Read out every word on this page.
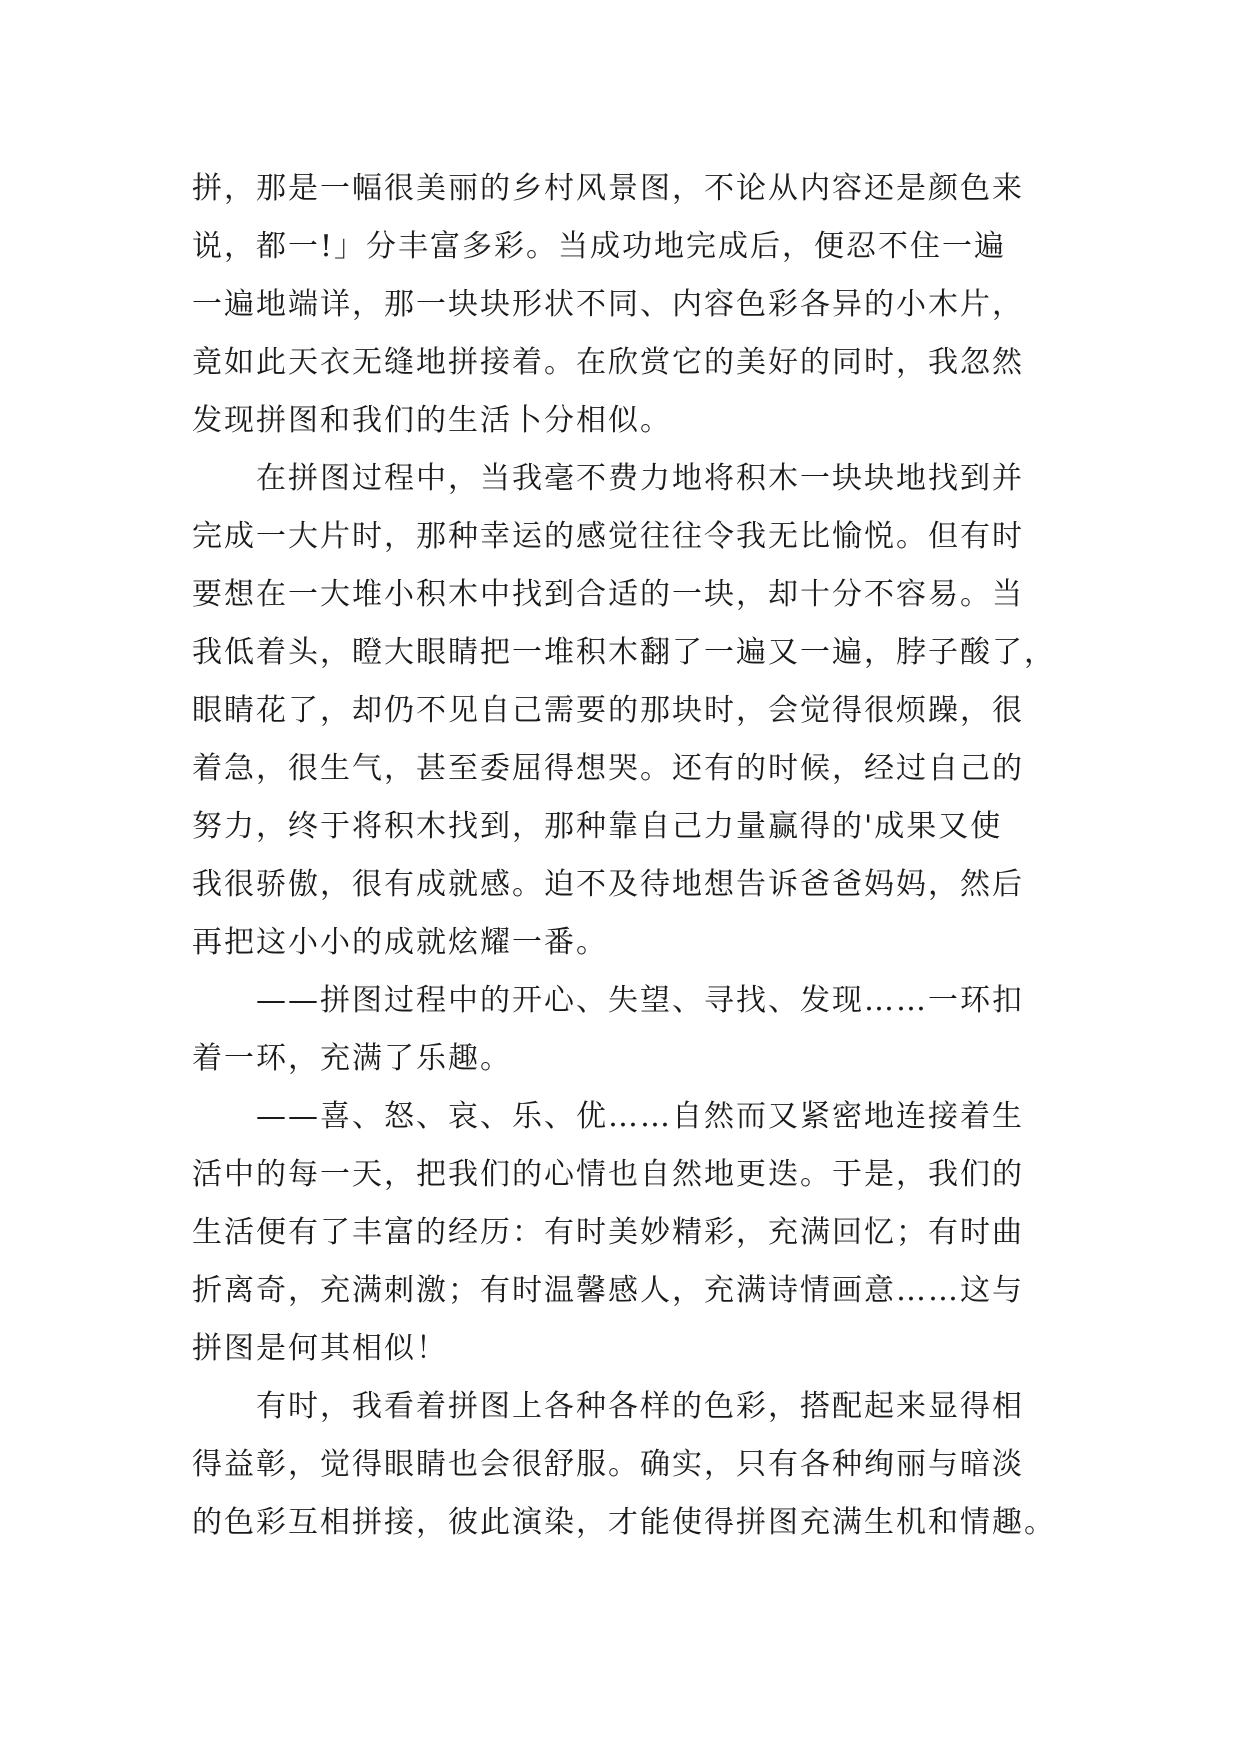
拼，那是一幅很美丽的乡村风景图，不论从内容还是颜色来
说，都一!」分丰富多彩。当成功地完成后，便忍不住一遍
一遍地端详，那一块块形状不同、内容色彩各异的小木片，
竟如此天衣无缝地拼接着。在欣赏它的美好的同时，我忽然
发现拼图和我们的生活卜分相似。

在拼图过程中，当我毫不费力地将积木一块块地找到并
完成一大片时，那种幸运的感觉往往令我无比愉悦。但有时
要想在一大堆小积木中找到合适的一块，却十分不容易。当
我低着头，瞪大眼睛把一堆积木翻了一遍又一遍，脖子酸了，
眼睛花了，却仍不见自己需要的那块时，会觉得很烦躁，很
着急，很生气，甚至委屈得想哭。还有的时候，经过自己的
努力，终于将积木找到，那种靠自己力量赢得的'成果又使
我很骄傲，很有成就感。迫不及待地想告诉爸爸妈妈，然后
再把这小小的成就炫耀一番。

——拼图过程中的开心、失望、寻找、发现……一环扣
着一环，充满了乐趣。

——喜、怒、哀、乐、优……自然而又紧密地连接着生
活中的每一天，把我们的心情也自然地更迭。于是，我们的
生活便有了丰富的经历：有时美妙精彩，充满回忆；有时曲
折离奇，充满刺激；有时温馨感人，充满诗情画意……这与
拼图是何其相似！

有时，我看着拼图上各种各样的色彩，搭配起来显得相
得益彰，觉得眼睛也会很舒服。确实，只有各种绚丽与暗淡
的色彩互相拼接，彼此演染，才能使得拼图充满生机和情趣。
